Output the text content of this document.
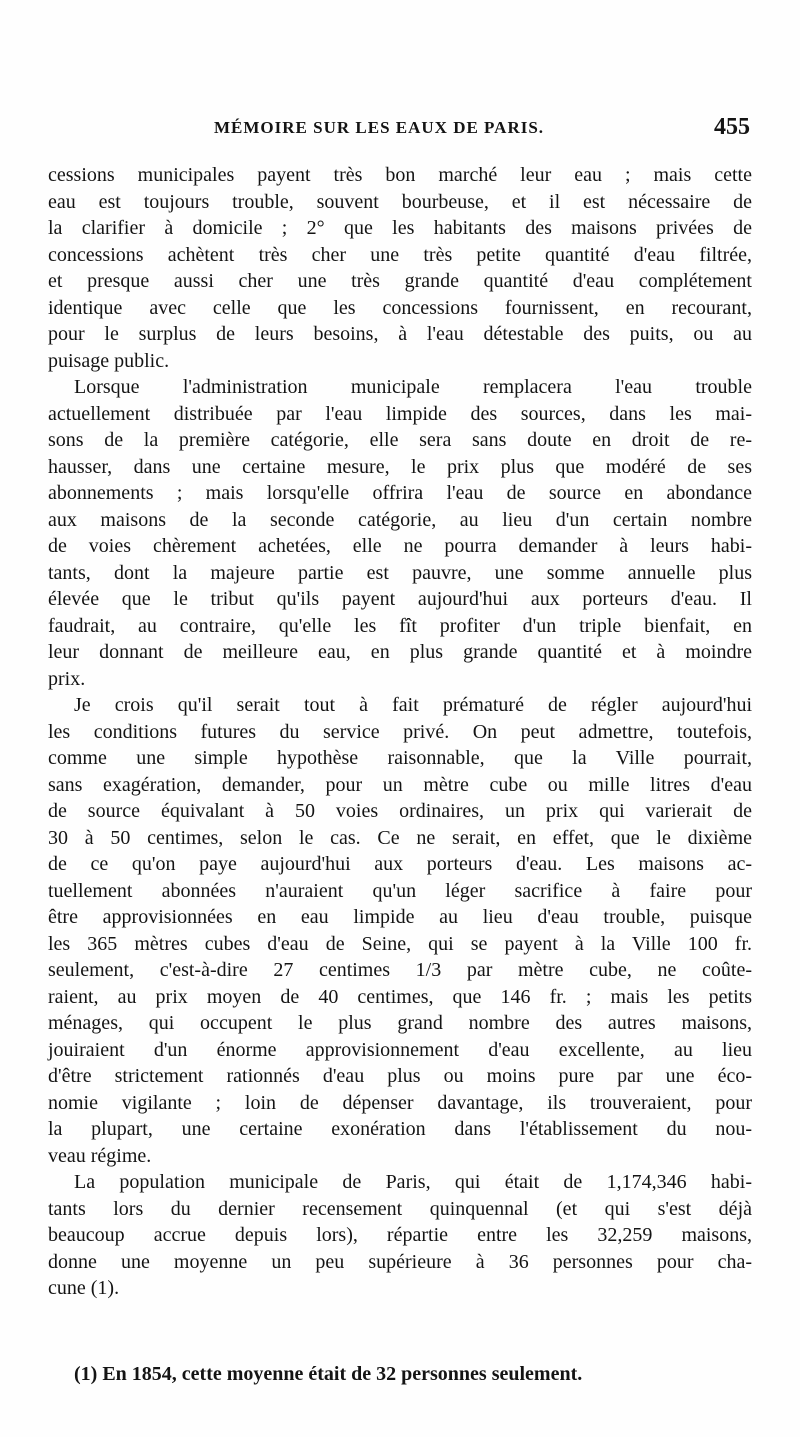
MÉMOIRE SUR LES EAUX DE PARIS.	455
cessions municipales payent très bon marché leur eau ; mais cette
eau est toujours trouble, souvent bourbeuse, et il est nécessaire de
la clarifier à domicile ; 2° que les habitants des maisons privées de
concessions achètent très cher une très petite quantité d'eau filtrée,
et presque aussi cher une très grande quantité d'eau complétement
identique avec celle que les concessions fournissent, en recourant,
pour le surplus de leurs besoins, à l'eau détestable des puits, ou au
puisage public.
Lorsque l'administration municipale remplacera l'eau trouble
actuellement distribuée par l'eau limpide des sources, dans les mai-
sons de la première catégorie, elle sera sans doute en droit de re-
hausser, dans une certaine mesure, le prix plus que modéré de ses
abonnements ; mais lorsqu'elle offrira l'eau de source en abondance
aux maisons de la seconde catégorie, au lieu d'un certain nombre
de voies chèrement achetées, elle ne pourra demander à leurs habi-
tants, dont la majeure partie est pauvre, une somme annuelle plus
élevée que le tribut qu'ils payent aujourd'hui aux porteurs d'eau. Il
faudrait, au contraire, qu'elle les fît profiter d'un triple bienfait, en
leur donnant de meilleure eau, en plus grande quantité et à moindre
prix.
Je crois qu'il serait tout à fait prématuré de régler aujourd'hui
les conditions futures du service privé. On peut admettre, toutefois,
comme une simple hypothèse raisonnable, que la Ville pourrait,
sans exagération, demander, pour un mètre cube ou mille litres d'eau
de source équivalant à 50 voies ordinaires, un prix qui varierait de
30 à 50 centimes, selon le cas. Ce ne serait, en effet, que le dixième
de ce qu'on paye aujourd'hui aux porteurs d'eau. Les maisons ac-
tuellement abonnées n'auraient qu'un léger sacrifice à faire pour
être approvisionnées en eau limpide au lieu d'eau trouble, puisque
les 365 mètres cubes d'eau de Seine, qui se payent à la Ville 100 fr.
seulement, c'est-à-dire 27 centimes 1/3 par mètre cube, ne coûte-
raient, au prix moyen de 40 centimes, que 146 fr. ; mais les petits
ménages, qui occupent le plus grand nombre des autres maisons,
jouiraient d'un énorme approvisionnement d'eau excellente, au lieu
d'être strictement rationnés d'eau plus ou moins pure par une éco-
nomie vigilante ; loin de dépenser davantage, ils trouveraient, pour
la plupart, une certaine exonération dans l'établissement du nou-
veau régime.
La population municipale de Paris, qui était de 1,174,346 habi-
tants lors du dernier recensement quinquennal (et qui s'est déjà
beaucoup accrue depuis lors), répartie entre les 32,259 maisons,
donne une moyenne un peu supérieure à 36 personnes pour cha-
cune (1).
(1) En 1854, cette moyenne était de 32 personnes seulement.
